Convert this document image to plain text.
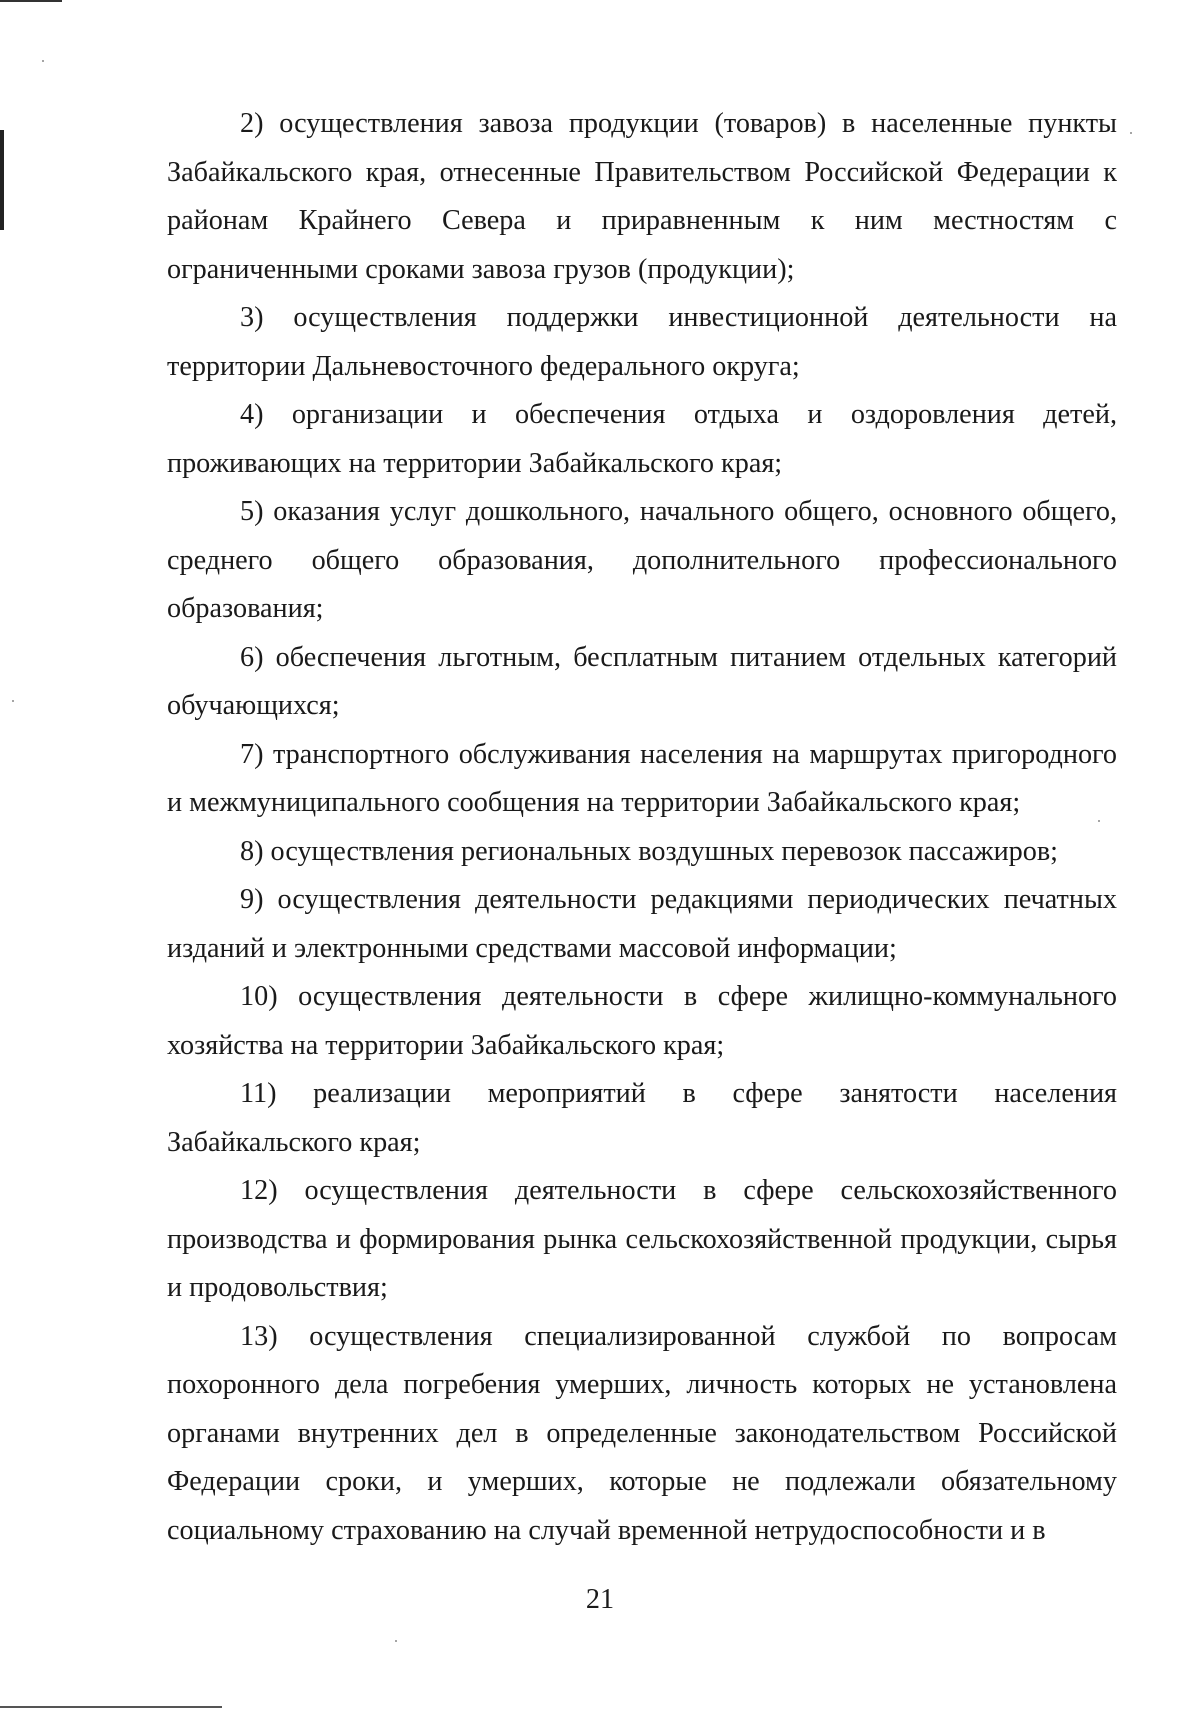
2) осуществления завоза продукции (товаров) в населенные пункты Забайкальского края, отнесенные Правительством Российской Федерации к районам Крайнего Севера и приравненным к ним местностям с ограниченными сроками завоза грузов (продукции);

3) осуществления поддержки инвестиционной деятельности на территории Дальневосточного федерального округа;

4) организации и обеспечения отдыха и оздоровления детей, проживающих на территории Забайкальского края;

5) оказания услуг дошкольного, начального общего, основного общего, среднего общего образования, дополнительного профессионального образования;

6) обеспечения льготным, бесплатным питанием отдельных категорий обучающихся;

7) транспортного обслуживания населения на маршрутах пригородного и межмуниципального сообщения на территории Забайкальского края;

8) осуществления региональных воздушных перевозок пассажиров;

9) осуществления деятельности редакциями периодических печатных изданий и электронными средствами массовой информации;

10) осуществления деятельности в сфере жилищно-коммунального хозяйства на территории Забайкальского края;

11) реализации мероприятий в сфере занятости населения Забайкальского края;

12) осуществления деятельности в сфере сельскохозяйственного производства и формирования рынка сельскохозяйственной продукции, сырья и продовольствия;

13) осуществления специализированной службой по вопросам похоронного дела погребения умерших, личность которых не установлена органами внутренних дел в определенные законодательством Российской Федерации сроки, и умерших, которые не подлежали обязательному социальному страхованию на случай временной нетрудоспособности и в

21
